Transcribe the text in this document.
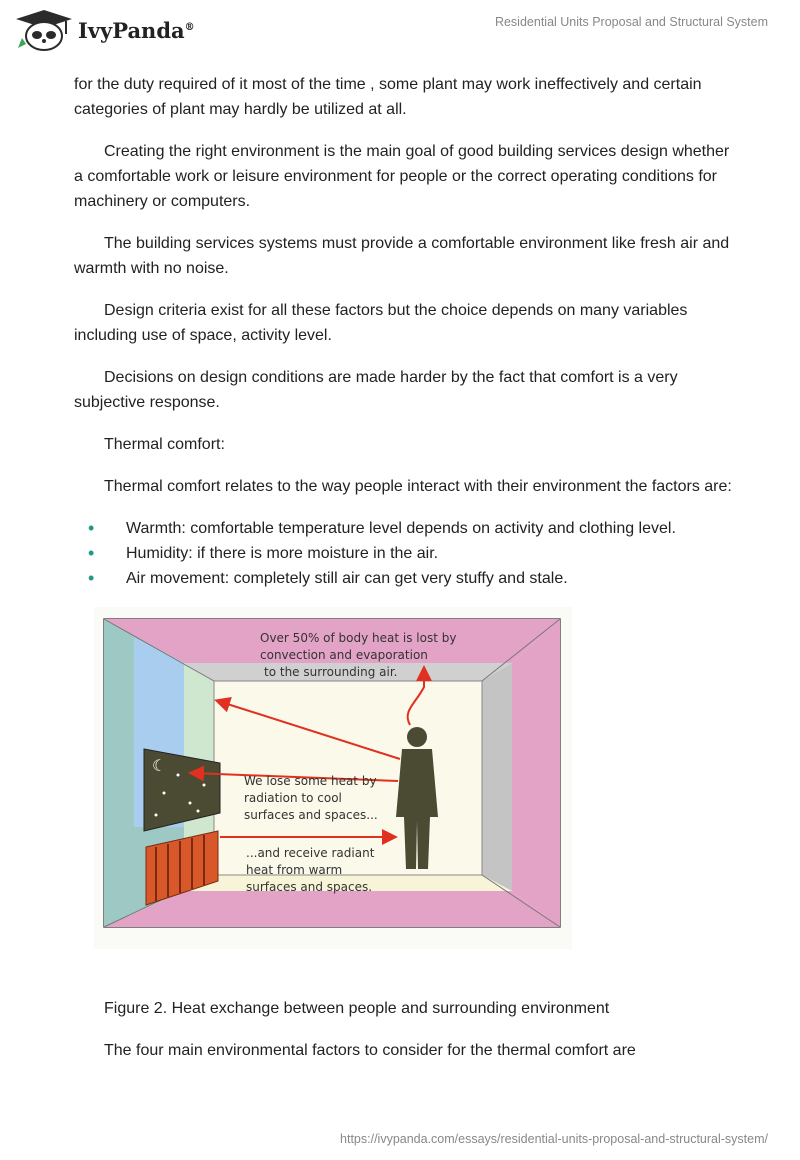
IvyPanda®	Residential Units Proposal and Structural System

for the duty required of it most of the time , some plant may work ineffectively and certain categories of plant may hardly be utilized at all.

Creating the right environment is the main goal of good building services design whether a comfortable work or leisure environment for people or the correct operating conditions for machinery or computers.

The building services systems must provide a comfortable environment like fresh air and warmth with no noise.

Design criteria exist for all these factors but the choice depends on many variables including use of space, activity level.

Decisions on design conditions are made harder by the fact that comfort is a very subjective response.

Thermal comfort:

Thermal comfort relates to the way people interact with their environment the factors are:

• Warmth: comfortable temperature level depends on activity and clothing level.
• Humidity: if there is more moisture in the air.
• Air movement: completely still air can get very stuffy and stale.
☾
Over 50% of body heat is lost by
convection and evaporation
to the surrounding air.
We lose some heat by
radiation to cool
surfaces and spaces...
...and receive radiant
heat from warm
surfaces and spaces.
Figure 2. Heat exchange between people and surrounding environment
The four main environmental factors to consider for the thermal comfort are
https://ivypanda.com/essays/residential-units-proposal-and-structural-system/
